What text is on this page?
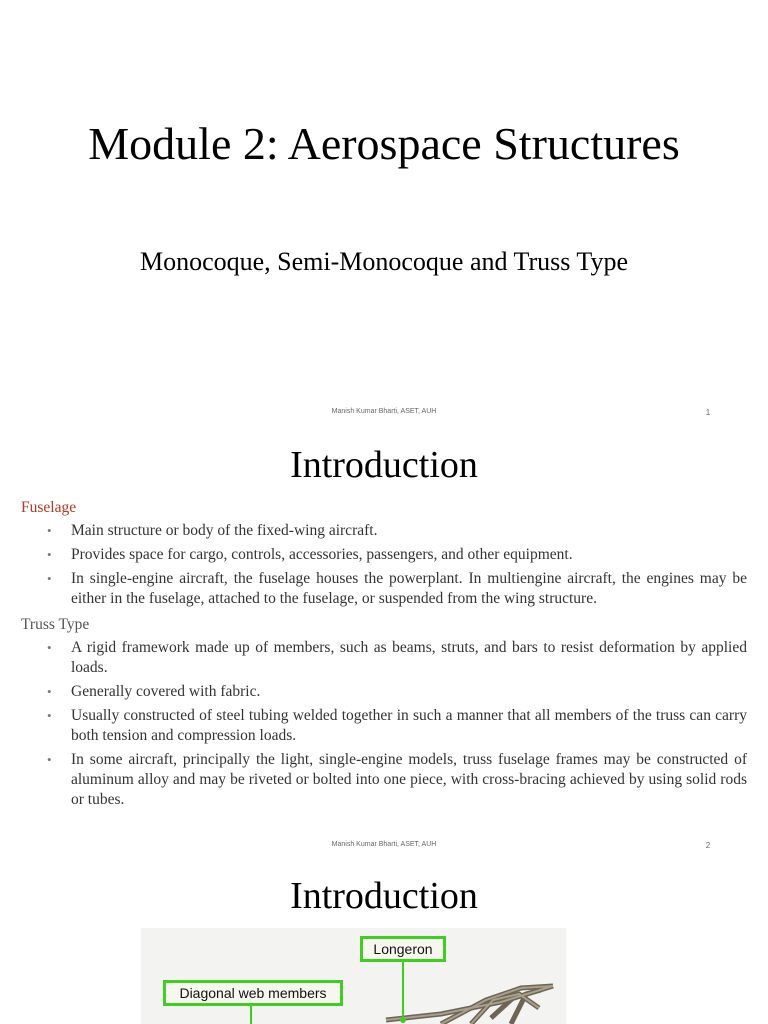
Module 2: Aerospace Structures
Monocoque, Semi-Monocoque and Truss Type
Manish Kumar Bharti, ASET, AUH	1
Introduction
Fuselage
• Main structure or body of the fixed-wing aircraft.
• Provides space for cargo, controls, accessories, passengers, and other equipment.
• In single-engine aircraft, the fuselage houses the powerplant. In multiengine aircraft, the engines may be either in the fuselage, attached to the fuselage, or suspended from the wing structure.
Truss Type
• A rigid framework made up of members, such as beams, struts, and bars to resist deformation by applied loads.
• Generally covered with fabric.
• Usually constructed of steel tubing welded together in such a manner that all members of the truss can carry both tension and compression loads.
• In some aircraft, principally the light, single-engine models, truss fuselage frames may be constructed of aluminum alloy and may be riveted or bolted into one piece, with cross-bracing achieved by using solid rods or tubes.
Manish Kumar Bharti, ASET, AUH	2
Introduction
Longeron
Diagonal web members
